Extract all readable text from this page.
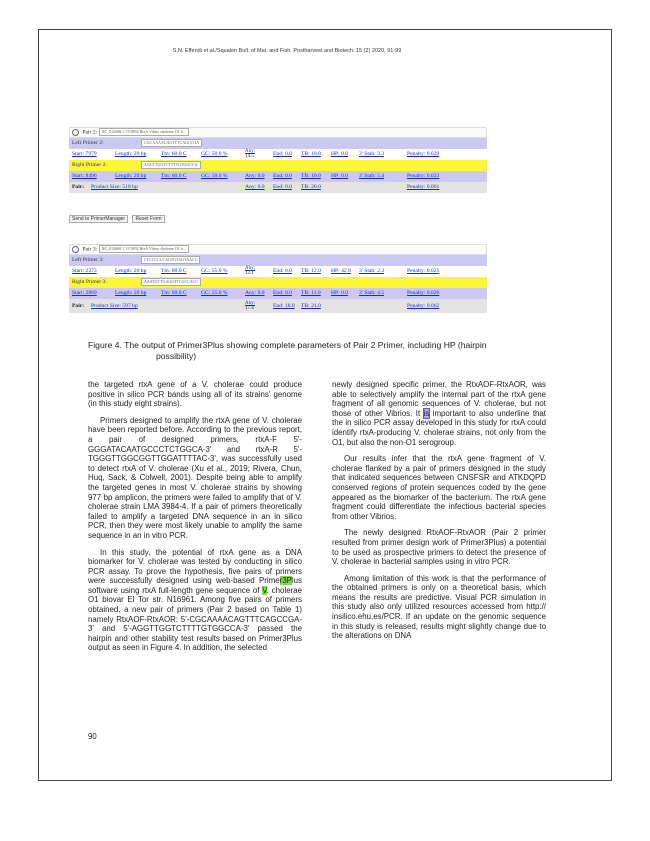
S.N. Effendi et al./Squalen Bull. of Mar. and Fish. Postharvest and Biotech. 15 (2) 2020, 91-99
Pair 2: NC_012668.1 VC0832 RtxA Vibrio cholerae O1 b...
Left Primer 2:	CGCAAAACAGTTTCAGCCGA
Start: 7979	Length: 20 bp	Tm: 60.0 C	GC: 50.0 %	$\frac{\text{Any:}}{14.5}$	End: 0.0 TB: 10.0 HP: 0.0 3' Stab: 3.3	Penalty: 0.039
Right Primer 2:	AGGTTGGTCTTTTGTGGCCA
Start: 8496	Length: 20 bp	Tm: 60.0 C	GC: 50.0 %	Any: 0.0 End: 0.0 TB: 10.0 HP: 0.0 3' Stab: 5.4	Penalty: 0.023
Pair: Product Size: 518 bp	Any: 0.0 End: 0.0 TB: 20.0	Penalty: 0.061
Send to PrimerManager Reset Form
Pair 3: NC_012668.1 VC0832 RtxA Vibrio cholerae O1 b...
Left Primer 3:	CTCCCCCCAGTGTAGTAACC
Start: 2273	Length: 20 bp	Tm: 60.0 C	GC: 55.0 %	$\frac{\text{Any:}}{12.1}$	End: 0.0 TB: 12.0 HP: 42.8 3' Stab: 2.3	Penalty: 0.025
Right Primer 3:	AAATGTTGAGGTTCGCCACC
Start: 2869	Length: 20 bp	Tm: 60.0 C	GC: 55.0 %	Any: 0.0 End: 0.0 TB: 11.0 HP: 0.0 3' Stab: 4.5	Penalty: 0.026
Pair: Product Size: 597 bp	$\frac{\text{Any:}}{17.4}$	End: 18.8 TB: 21.0	Penalty: 0.062
Figure 4. The output of Primer3Plus showing complete parameters of Pair 2 Primer, including HP (hairpin
possibility)

the targeted rtxA gene of a V. cholerae could produce positive in silico PCR bands using all of its strains' genome (in this study eight strains).

Primers designed to amplify the rtxA gene of V. cholerae have been reported before. According to the previous report, a pair of designed primers, rtxA-F 5'-GGGATACAATGCCCTCTGGCA-3' and rtxA-R 5'-TGGGTTGGCGGTTGGATTTTAC-3', was successfully used to detect rtxA of V. cholerae (Xu et al., 2019; Rivera, Chun, Huq, Sack, & Colwell, 2001). Despite being able to amplify the targeted genes in most V. cholerae strains by showing 977 bp amplicon, the primers were failed to amplify that of V. cholerae strain LMA 3984-4. If a pair of primers theoretically failed to amplify a targeted DNA sequence in an in silico PCR, then they were most likely unable to amplify the same sequence in an in vitro PCR.

In this study, the potential of rtxA gene as a DNA biomarker for V. cholerae was tested by conducting in silico PCR assay. To prove the hypothesis, five pairs of primers were successfully designed using web-based Primer3Plus software using rtxA full-length gene sequence of V. cholerae O1 biovar El Tor str. N16961. Among five pairs of primers obtained, a new pair of primers (Pair 2 based on Table 1) namely RtxAOF-RtxAOR: 5'-CGCAAAACAGTTTCAGCCGA-3' and 5'-AGGTTGGTCTTTTGTGGCCA-3' passed the hairpin and other stability test results based on Primer3Plus output as seen in Figure 4. In addition, the selected

newly designed specific primer, the RtxAOF-RtxAOR, was able to selectively amplify the internal part of the rtxA gene fragment of all genomic sequences of V. cholerae, but not those of other Vibrios. It is important to also underline that the in silico PCR assay developed in this study for rtxA could identify rtxA-producing V. cholerae strains, not only from the O1, but also the non-O1 serogroup.

Our results infer that the rtxA gene fragment of V. cholerae flanked by a pair of primers designed in the study that indicated sequences between CNSFSR and ATKDQPD conserved regions of protein sequences coded by the gene appeared as the biomarker of the bacterium. The rtxA gene fragment could differentiate the infectious bacterial species from other Vibrios.

The newly designed RtxAOF-RtxAOR (Pair 2 primer resulted from primer design work of Primer3Plus) a potential to be used as prospective primers to detect the presence of V. cholerae in bacterial samples using in vitro PCR.

Among limitation of this work is that the performance of the obtained primers is only on a theoretical basis, which means the results are predictive. Visual PCR simulation in this study also only utilized resources accessed from http:// insilico.ehu.es/PCR. If an update on the genomic sequence in this study is released, results might slightly change due to the alterations on DNA

90
